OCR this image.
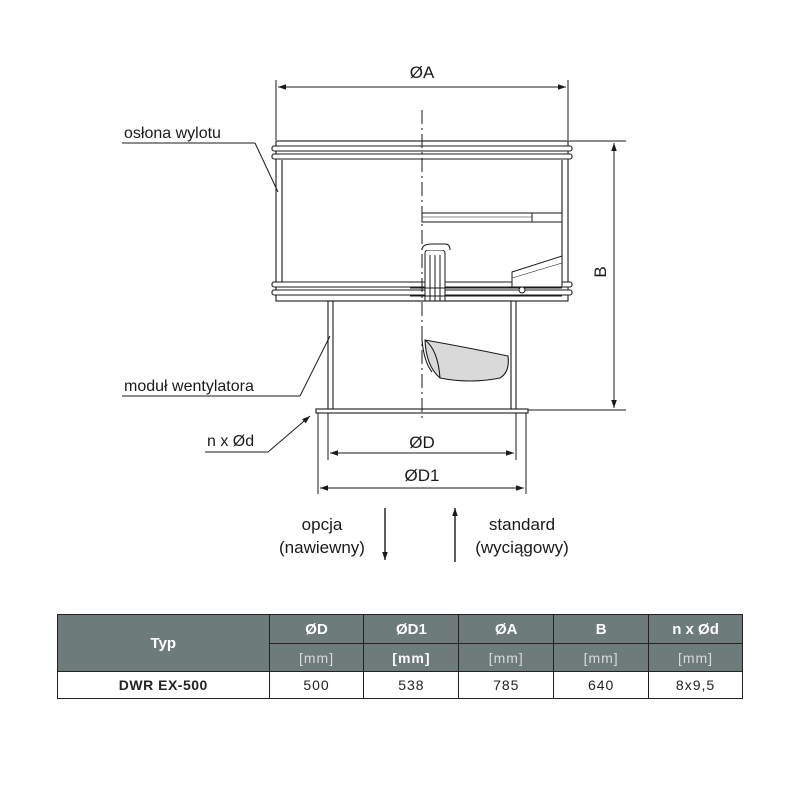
ØA
B
ØD
ØD1
osłona wylotu
moduł wentylatora
n x Ød
opcja
(nawiewny)
standard
(wyciągowy)
Typ	ØD	ØD1	ØA	B	n x Ød
	[mm]	[mm]	[mm]	[mm]	[mm]
DWR EX-500	500	538	785	640	8x9,5
